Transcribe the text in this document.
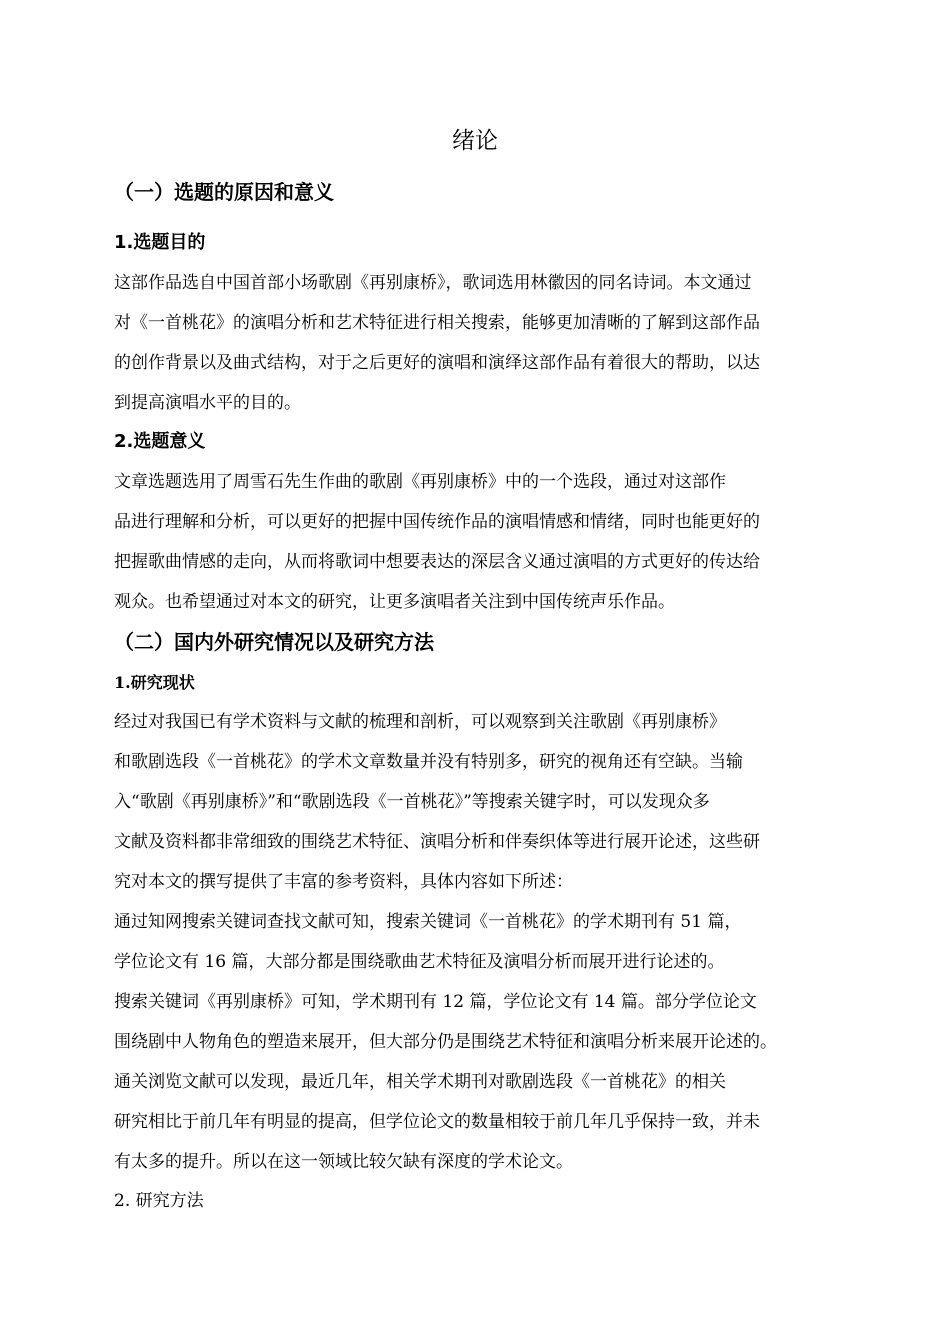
绪论
（一）选题的原因和意义
1.选题目的
这部作品选自中国首部小场歌剧《再别康桥》，歌词选用林徽因的同名诗词。本文通过
对《一首桃花》的演唱分析和艺术特征进行相关搜索，能够更加清晰的了解到这部作品
的创作背景以及曲式结构，对于之后更好的演唱和演绎这部作品有着很大的帮助，以达
到提高演唱水平的目的。
2.选题意义
文章选题选用了周雪石先生作曲的歌剧《再别康桥》中的一个选段，通过对这部作
品进行理解和分析，可以更好的把握中国传统作品的演唱情感和情绪，同时也能更好的
把握歌曲情感的走向，从而将歌词中想要表达的深层含义通过演唱的方式更好的传达给
观众。也希望通过对本文的研究，让更多演唱者关注到中国传统声乐作品。
（二）国内外研究情况以及研究方法
1.研究现状
经过对我国已有学术资料与文献的梳理和剖析，可以观察到关注歌剧《再别康桥》
和歌剧选段《一首桃花》的学术文章数量并没有特别多，研究的视角还有空缺。当输
入“歌剧《再别康桥》”和“歌剧选段《一首桃花》”等搜索关键字时，可以发现众多
文献及资料都非常细致的围绕艺术特征、演唱分析和伴奏织体等进行展开论述，这些研
究对本文的撰写提供了丰富的参考资料，具体内容如下所述：
通过知网搜索关键词查找文献可知，搜索关键词《一首桃花》的学术期刊有 51 篇，
学位论文有 16 篇，大部分都是围绕歌曲艺术特征及演唱分析而展开进行论述的。
搜索关键词《再别康桥》可知，学术期刊有 12 篇，学位论文有 14 篇。部分学位论文
围绕剧中人物角色的塑造来展开，但大部分仍是围绕艺术特征和演唱分析来展开论述的。
通关浏览文献可以发现，最近几年，相关学术期刊对歌剧选段《一首桃花》的相关
研究相比于前几年有明显的提高，但学位论文的数量相较于前几年几乎保持一致，并未
有太多的提升。所以在这一领域比较欠缺有深度的学术论文。
2. 研究方法
